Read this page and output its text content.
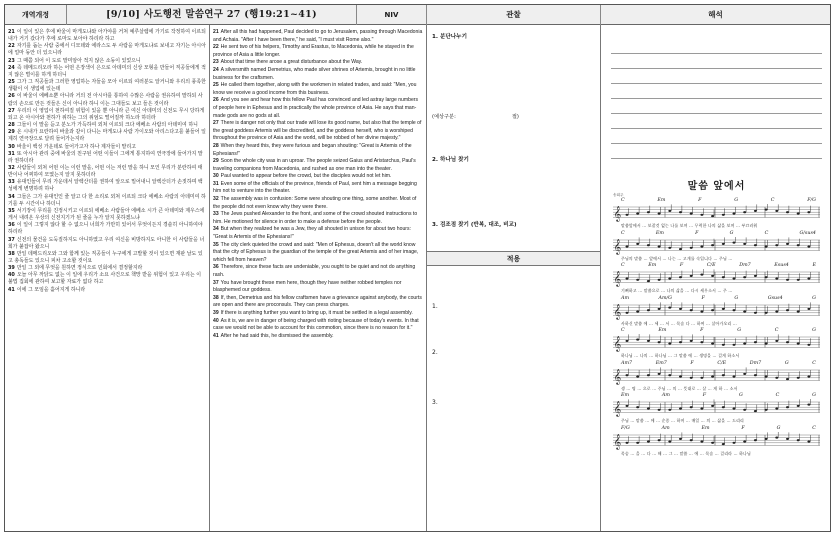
개역개정	[9/10] 사도행전 말씀연구 27 (행19:21~41)	NIV	관찰	해석
21 이 일이 있은 후에 바울이 마게도냐와 아가야를 거쳐 예루살렘에 가기로 작정하여 이르되 내가 거기 갔다가 후에 로마도 보아야 하리라 하고
22 자기를 돕는 사람 중에서 디모데와 에라스도 두 사람을 마게도냐로 보내고 자기는 아시아에 얼마 동안 더 있으니라
23 그 때쯤 되어 이 도로 말미암아 적지 않은 소동이 있었으니
24 즉 데메드리오라 하는 어떤 은장색이 은으로 아데미의 신상 모형을 만들어 직공들에게 적지 않은 벌이를 하게 하더니
25 그가 그 직공들과 그러한 영업하는 자들을 모아 이르되 여러분도 알거니와 우리의 풍족한 생활이 이 생업에 있는데
26 이 바울이 에베소뿐 아니라 거의 전 아시아를 통하여 수많은 사람을 권유하여 말하되 사람의 손으로 만든 것들은 신이 아니라 하니 이는 그대들도 보고 들은 것이라
27 우리의 이 영업이 천하여질 위험이 있을 뿐 아니라 큰 여신 아데미의 신전도 무시 당하게 되고 온 아시아와 천하가 위하는 그의 위엄도 떨어질까 하노라 하더라
28 그들이 이 말을 듣고 분노가 가득하여 외쳐 이르되 크다 에베소 사람의 아데미여 하니
29 온 시내가 요란하여 바울과 같이 다니는 마게도냐 사람 가이오와 아리스다고를 붙들어 일제히 연극장으로 달려 들어가는지라
30 바울이 백성 가운데로 들어가고자 하나 제자들이 말리고
31 또 아시아 관리 중에 바울의 친구된 어떤 이들이 그에게 통지하여 연극장에 들어가지 말라 권하더라
32 사람들이 외쳐 어떤 이는 이런 말을, 어떤 이는 저런 말을 하니 모인 무리가 분란하여 태반이나 어찌하여 모였는지 알지 못하더라
33 유대인들이 무리 가운데서 알렉산더를 권하여 앞으로 밀어내니 알렉산더가 손짓하며 백성에게 변명하려 하나
34 그들은 그가 유대인인 줄 알고 다 한 소리로 외쳐 이르되 크다 에베소 사람의 아데미여 하기를 두 시간이나 하더니
35 서기장이 무리를 진정시키고 이르되 에베소 사람들아 에베소 시가 큰 아데미와 제우스에게서 내려온 우상의 신전지기가 된 줄을 누가 알지 못하겠느냐
36 이 일이 그렇지 않다 할 수 없으니 너희가 가만히 있어서 무엇이든지 경솔히 아니하여야 하리라
37 신전의 물건을 도둑질하지도 아니하였고 우리 여신을 비방하지도 아니한 이 사람들을 너희가 붙잡아 왔으니
38 만일 데메드리오와 그와 함께 있는 직공들이 누구에게 고발할 것이 있으면 재판 날도 있고 총독들도 있으니 피차 고소할 것이요
39 만일 그 외에 무엇을 원하면 정식으로 민회에서 결정할지라
40 오늘 아무 까닭도 없는 이 일에 우리가 소요 사건으로 책망 받을 위험이 있고 우리는 이 불법 집회에 관하여 보고할 자료가 없다 하고
41 이에 그 모임을 흩어지게 하니라
21 After all this had happened, Paul decided to go to Jerusalem, passing through Macedonia and Achaia. "After I have been there," he said, "I must visit Rome also."
22 He sent two of his helpers, Timothy and Erastus, to Macedonia, while he stayed in the province of Asia a little longer.
23 About that time there arose a great disturbance about the Way.
24 A silversmith named Demetrius, who made silver shrines of Artemis, brought in no little business for the craftsmen.
25 He called them together, along with the workmen in related trades, and said: "Men, you know we receive a good income from this business.
26 And you see and hear how this fellow Paul has convinced and led astray large numbers of people here in Ephesus and in practically the whole province of Asia. He says that man-made gods are no gods at all.
27 There is danger not only that our trade will lose its good name, but also that the temple of the great goddess Artemis will be discredited, and the goddess herself, who is worshiped throughout the province of Asia and the world, will be robbed of her divine majesty."
28 When they heard this, they were furious and began shouting: "Great is Artemis of the Ephesians!"
29 Soon the whole city was in an uproar. The people seized Gaius and Aristarchus, Paul's traveling companions from Macedonia, and rushed as one man into the theater.
30 Paul wanted to appear before the crowd, but the disciples would not let him.
31 Even some of the officials of the province, friends of Paul, sent him a message begging him not to venture into the theater.
32 The assembly was in confusion: Some were shouting one thing, some another. Most of the people did not even know why they were there.
33 The Jews pushed Alexander to the front, and some of the crowd shouted instructions to him. He motioned for silence in order to make a defense before the people.
34 But when they realized he was a Jew, they all shouted in unison for about two hours: "Great is Artemis of the Ephesians!"
35 The city clerk quieted the crowd and said: "Men of Ephesus, doesn't all the world know that the city of Ephesus is the guardian of the temple of the great Artemis and of her image, which fell from heaven?
36 Therefore, since these facts are undeniable, you ought to be quiet and not do anything rash.
37 You have brought these men here, though they have neither robbed temples nor blasphemed our goddess.
38 If, then, Demetrius and his fellow craftsmen have a grievance against anybody, the courts are open and there are proconsuls. They can press charges.
39 If there is anything further you want to bring up, it must be settled in a legal assembly.
40 As it is, we are in danger of being charged with rioting because of today's events. In that case we would not be able to account for this commotion, since there is no reason for it."
41 After he had said this, he dismissed the assembly.
1. 분단나누기
(예상구분:	절)
2. 하나님 찾기
3. 검조점 찾기 (반복, 대조, 비교)
적용
1.
2.
3.
말씀 앞에서
송희주
C	Em	F	G	C	F/G
𝄞
말씀앞에서 … 보잘것 없는 나를 보며 … 무력한 나의 삶을 보며 … 부끄러워
C	Em	F	G	C	G/sus4
𝄞
주님의 말씀 … 앞에서 … 나는 … 고개를 숙입니다 … 주님 …
C	Em	F	C/E	Dm7	Esus4	E
𝄞
기뻐하고 … 말씀으로 … 나의 삶을 … 다시 세우소서 … 주 …
Am	Am/G	F	G	Gsus4	G
𝄞
사하신 말씀 에 … 세 … 서 … 목숨 다 … 하여 … 살아가오리 …
C	Em	F	G	C	G
𝄞
하나님 … 나의 … 하나님 … 그 말씀 에 … 생명을 … 걸게 하소서
Am7	Em7	F	C/E	Dm7	G	C
𝄞
생 … 명 … 으로 … 주님 … 의 … 뜻대로 … 살 … 게 하 … 소서
Em	Am	F	G	C	G
𝄞
주님 … 말씀 … 에 … 순종 … 하며 … 매일 … 의 … 삶을 … 드리리
F/G	Am	Em	F	G	C
𝄞
목숨 … 을 … 다 … 해 … 그 … 말씀 … 에 … 목숨 … 걸리라 … 하나님
